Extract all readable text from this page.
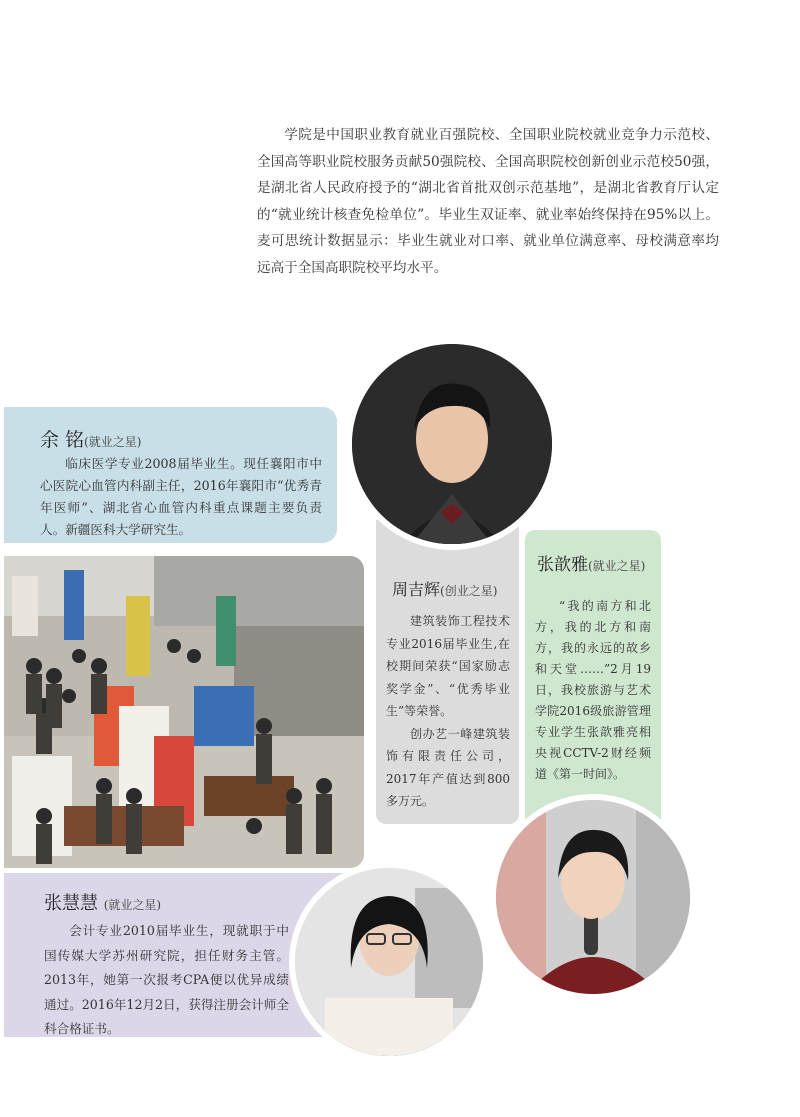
学院是中国职业教育就业百强院校、全国职业院校就业竞争力示范校、全国高等职业院校服务贡献50强院校、全国高职院校创新创业示范校50强，是湖北省人民政府授予的“湖北省首批双创示范基地”，是湖北省教育厅认定的“就业统计核查免检单位”。毕业生双证率、就业率始终保持在95%以上。麦可思统计数据显示：毕业生就业对口率、就业单位满意率、母校满意率均远高于全国高职院校平均水平。

余 铭(就业之星)

临床医学专业2008届毕业生。现任襄阳市中心医院心血管内科副主任，2016年襄阳市“优秀青年医师”、湖北省心血管内科重点课题主要负责人。新疆医科大学研究生。

周吉辉(创业之星)

建筑装饰工程技术专业2016届毕业生,在校期间荣获“国家励志奖学金”、“优秀毕业生”等荣誉。

创办艺一峰建筑装饰有限责任公司，2017年产值达到800多万元。

张歆雅(就业之星)

“我的南方和北方，我的北方和南方，我的永远的故乡和天堂……”2月19日，我校旅游与艺术学院2016级旅游管理专业学生张歆雅亮相央视CCTV-2财经频道《第一时间》。

张慧慧 (就业之星)

会计专业2010届毕业生，现就职于中国传媒大学苏州研究院，担任财务主管。2013年，她第一次报考CPA便以优异成绩通过。2016年12月2日，获得注册会计师全科合格证书。
